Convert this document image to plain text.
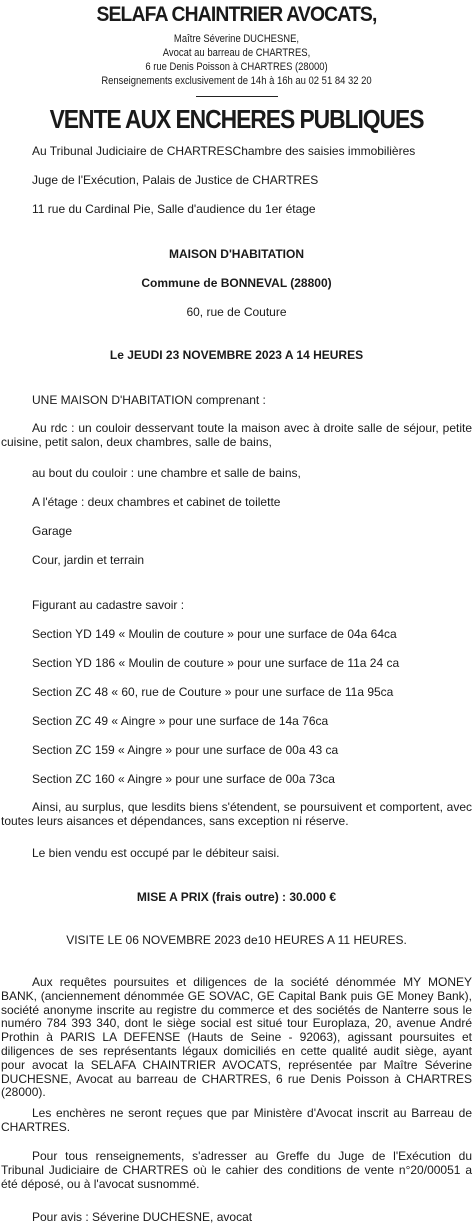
SELAFA CHAINTRIER AVOCATS,
Maître Séverine DUCHESNE,
Avocat au barreau de CHARTRES,
6 rue Denis Poisson à CHARTRES (28000)
Renseignements exclusivement de 14h à 16h au 02 51 84 32 20
VENTE AUX ENCHERES PUBLIQUES
Au Tribunal Judiciaire de CHARTRESChambre des saisies immobilières
Juge de l'Exécution, Palais de Justice de CHARTRES
11 rue du Cardinal Pie, Salle d'audience du 1er étage
MAISON D'HABITATION
Commune de BONNEVAL (28800)
60, rue de Couture
Le JEUDI 23 NOVEMBRE 2023 A 14 HEURES
UNE MAISON D'HABITATION comprenant :
Au rdc : un couloir desservant toute la maison avec à droite salle de séjour, petite cuisine, petit salon, deux chambres, salle de bains,
au bout du couloir : une chambre et salle de bains,
A l'étage : deux chambres et cabinet de toilette
Garage
Cour, jardin et terrain
Figurant au cadastre savoir :
Section YD 149 « Moulin de couture » pour une surface de 04a 64ca
Section YD 186 « Moulin de couture » pour une surface de 11a 24 ca
Section ZC 48 « 60, rue de Couture » pour une surface de 11a 95ca
Section ZC 49 « Aingre » pour une surface de 14a 76ca
Section ZC 159 « Aingre » pour une surface de 00a 43 ca
Section ZC 160 « Aingre » pour une surface de 00a 73ca
Ainsi, au surplus, que lesdits biens s'étendent, se poursuivent et comportent, avec toutes leurs aisances et dépendances, sans exception ni réserve.
Le bien vendu est occupé par le débiteur saisi.
MISE A PRIX (frais outre) : 30.000 €
VISITE LE 06 NOVEMBRE 2023 de10 HEURES A 11 HEURES.
Aux requêtes poursuites et diligences de la société dénommée MY MONEY BANK, (anciennement dénommée GE SOVAC, GE Capital Bank puis GE Money Bank), société anonyme inscrite au registre du commerce et des sociétés de Nanterre sous le numéro 784 393 340, dont le siège social est situé tour Europlaza, 20, avenue André Prothin à PARIS LA DEFENSE (Hauts de Seine - 92063), agissant poursuites et diligences de ses représentants légaux domiciliés en cette qualité audit siège, ayant pour avocat la SELAFA CHAINTRIER AVOCATS, représentée par Maître Séverine DUCHESNE, Avocat au barreau de CHARTRES, 6 rue Denis Poisson à CHARTRES (28000).
Les enchères ne seront reçues que par Ministère d'Avocat inscrit au Barreau de CHARTRES.
Pour tous renseignements, s'adresser au Greffe du Juge de l'Exécution du Tribunal Judiciaire de CHARTRES où le cahier des conditions de vente n°20/00051 a été déposé, ou à l'avocat susnommé.
Pour avis : Séverine DUCHESNE, avocat
